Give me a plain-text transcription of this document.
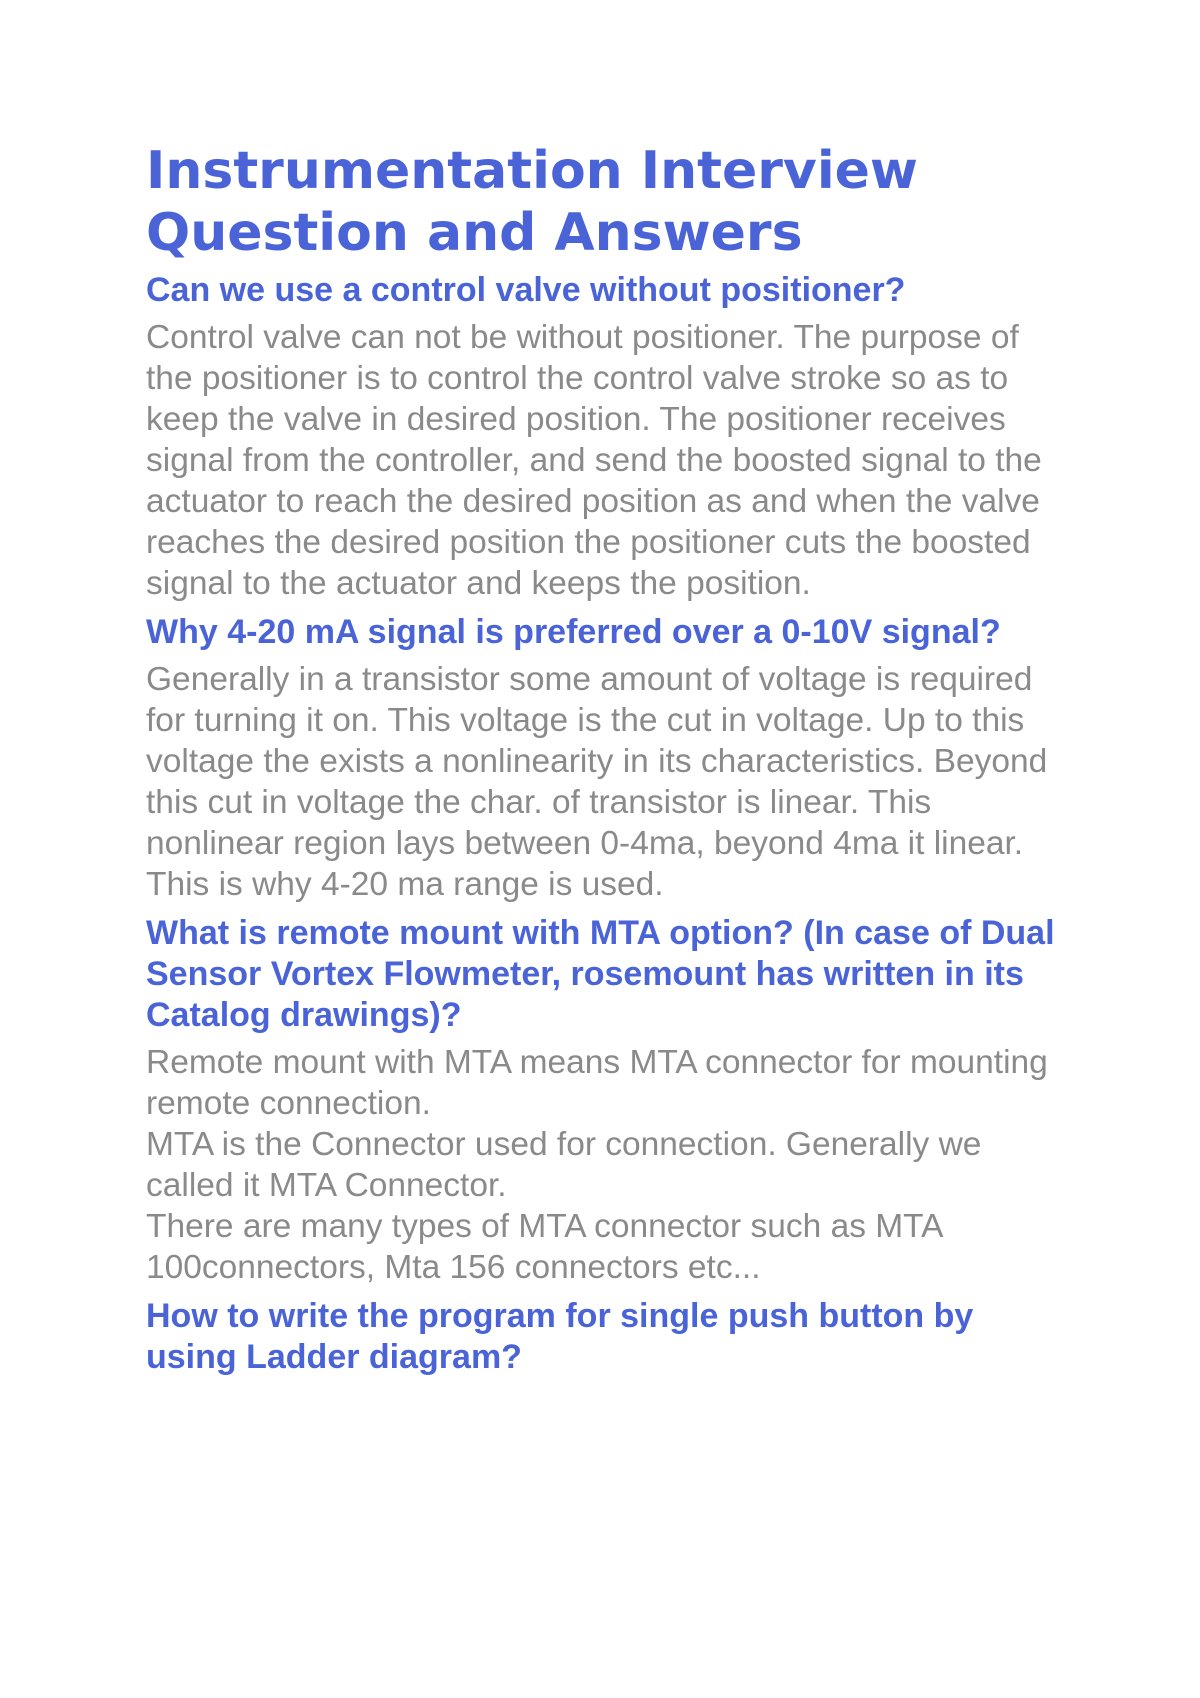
Instrumentation Interview Question and Answers
Can we use a control valve without positioner?

Control valve can not be without positioner. The purpose of the positioner is to control the control valve stroke so as to keep the valve in desired position. The positioner receives signal from the controller, and send the boosted signal to the actuator to reach the desired position as and when the valve reaches the desired position the positioner cuts the boosted signal to the actuator and keeps the position.

Why 4-20 mA signal is preferred over a 0-10V signal?

Generally in a transistor some amount of voltage is required for turning it on. This voltage is the cut in voltage. Up to this voltage the exists a nonlinearity in its characteristics. Beyond this cut in voltage the char. of transistor is linear. This nonlinear region lays between 0-4ma, beyond 4ma it linear. This is why 4-20 ma range is used.

What is remote mount with MTA option? (In case of Dual Sensor Vortex Flowmeter, rosemount has written in its Catalog drawings)?

Remote mount with MTA means MTA connector for mounting remote connection.

MTA is the Connector used for connection. Generally we called it MTA Connector.

There are many types of MTA connector such as MTA 100connectors, Mta 156 connectors etc...

How to write the program for single push button by using Ladder diagram?
